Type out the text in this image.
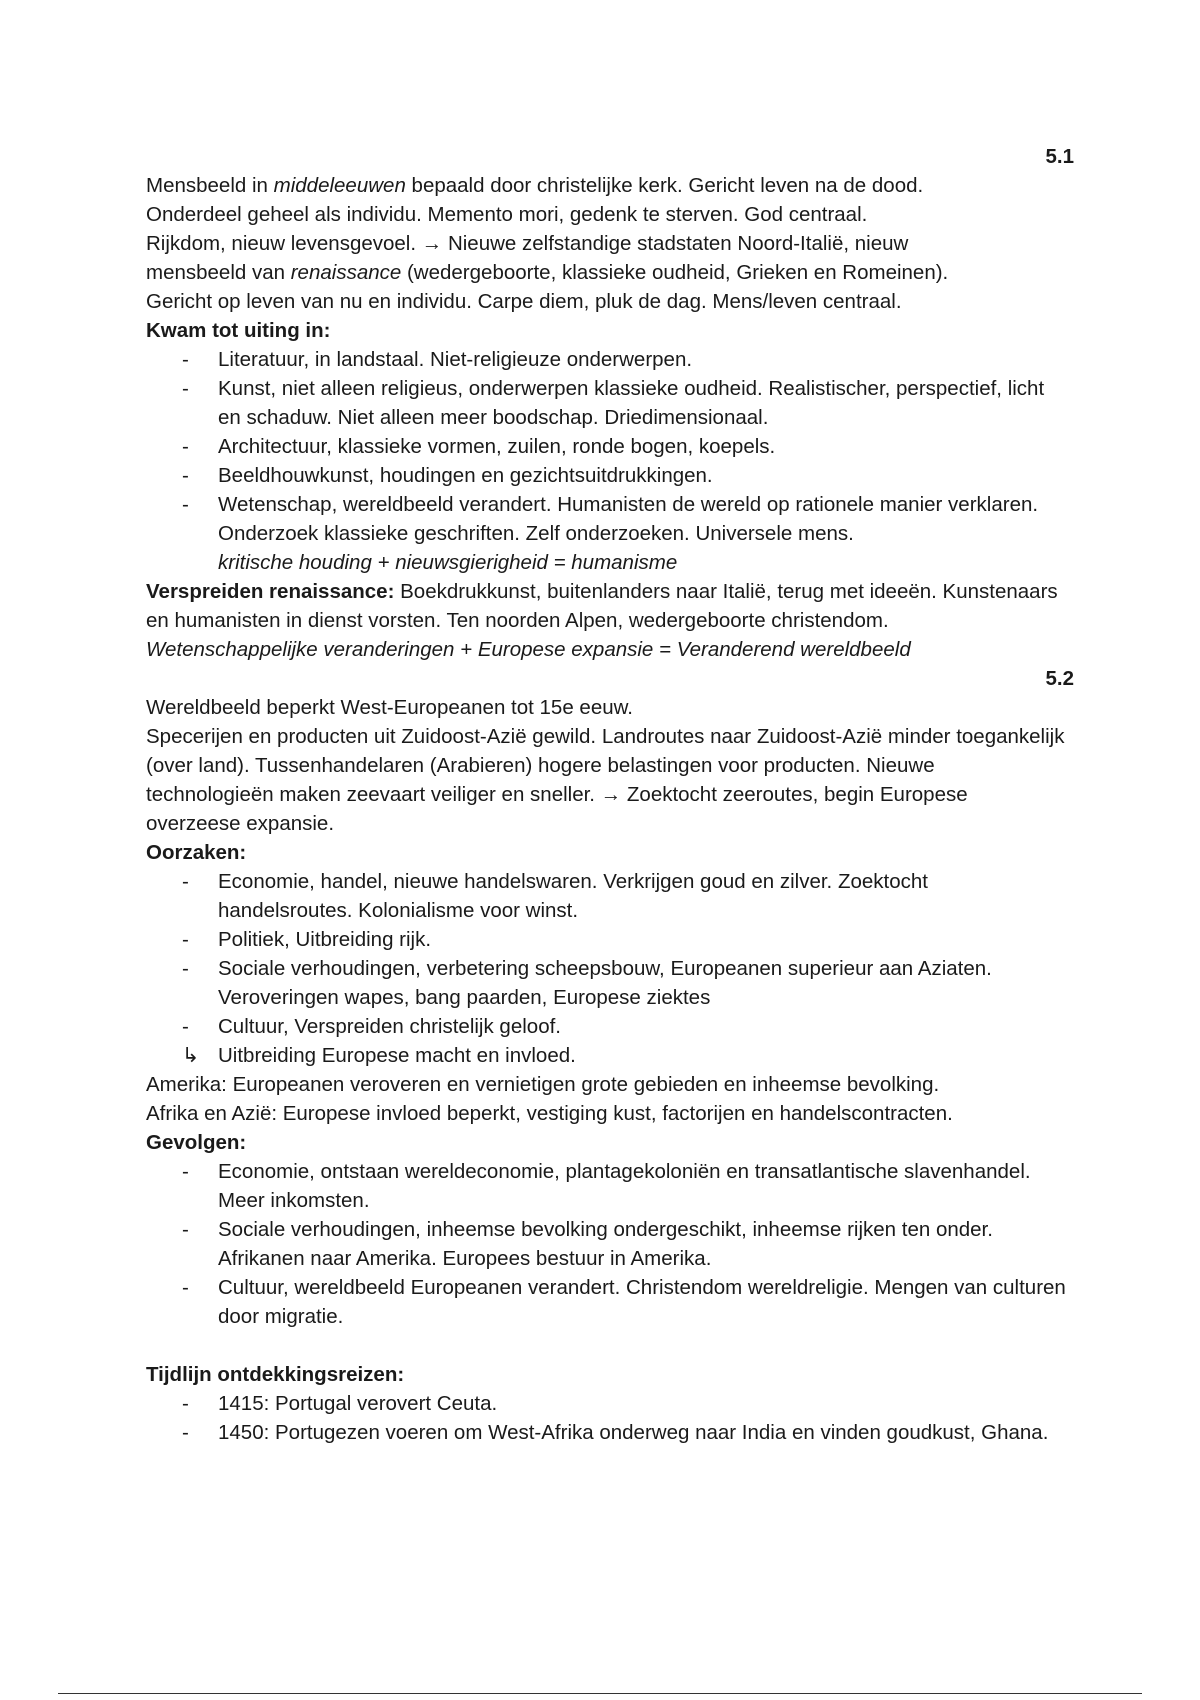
5.1

Mensbeeld in middeleeuwen bepaald door christelijke kerk. Gericht leven na de dood.

Onderdeel geheel als individu. Memento mori, gedenk te sterven. God centraal.

Rijkdom, nieuw levensgevoel. → Nieuwe zelfstandige stadstaten Noord-Italië, nieuw

mensbeeld van renaissance (wedergeboorte, klassieke oudheid, Grieken en Romeinen).

Gericht op leven van nu en individu. Carpe diem, pluk de dag. Mens/leven centraal.

Kwam tot uiting in:

-	Literatuur, in landstaal. Niet-religieuze onderwerpen.
-	Kunst, niet alleen religieus, onderwerpen klassieke oudheid. Realistischer, perspectief, licht en schaduw. Niet alleen meer boodschap. Driedimensionaal.
-	Architectuur, klassieke vormen, zuilen, ronde bogen, koepels.
-	Beeldhouwkunst, houdingen en gezichtsuitdrukkingen.
-	Wetenschap, wereldbeeld verandert. Humanisten de wereld op rationele manier verklaren. Onderzoek klassieke geschriften. Zelf onderzoeken. Universele mens.
kritische houding + nieuwsgierigheid = humanisme

Verspreiden renaissance: Boekdrukkunst, buitenlanders naar Italië, terug met ideeën. Kunstenaars en humanisten in dienst vorsten. Ten noorden Alpen, wedergeboorte christendom.

Wetenschappelijke veranderingen + Europese expansie = Veranderend wereldbeeld

5.2

Wereldbeeld beperkt West-Europeanen tot 15e eeuw.

Specerijen en producten uit Zuidoost-Azië gewild. Landroutes naar Zuidoost-Azië minder toegankelijk (over land). Tussenhandelaren (Arabieren) hogere belastingen voor producten. Nieuwe technologieën maken zeevaart veiliger en sneller. → Zoektocht zeeroutes, begin Europese overzeese expansie.

Oorzaken:

-	Economie, handel, nieuwe handelswaren. Verkrijgen goud en zilver. Zoektocht handelsroutes. Kolonialisme voor winst.
-	Politiek, Uitbreiding rijk.
-	Sociale verhoudingen, verbetering scheepsbouw, Europeanen superieur aan Aziaten. Veroveringen wapes, bang paarden, Europese ziektes
-	Cultuur, Verspreiden christelijk geloof.
↳ Uitbreiding Europese macht en invloed.

Amerika: Europeanen veroveren en vernietigen grote gebieden en inheemse bevolking.

Afrika en Azië: Europese invloed beperkt, vestiging kust, factorijen en handelscontracten.

Gevolgen:

-	Economie, ontstaan wereldeconomie, plantagekoloniën en transatlantische slavenhandel. Meer inkomsten.
-	Sociale verhoudingen, inheemse bevolking ondergeschikt, inheemse rijken ten onder. Afrikanen naar Amerika. Europees bestuur in Amerika.
-	Cultuur, wereldbeeld Europeanen verandert. Christendom wereldreligie. Mengen van culturen door migratie.

Tijdlijn ontdekkingsreizen:

-	1415: Portugal verovert Ceuta.
-	1450: Portugezen voeren om West-Afrika onderweg naar India en vinden goudkust, Ghana.
